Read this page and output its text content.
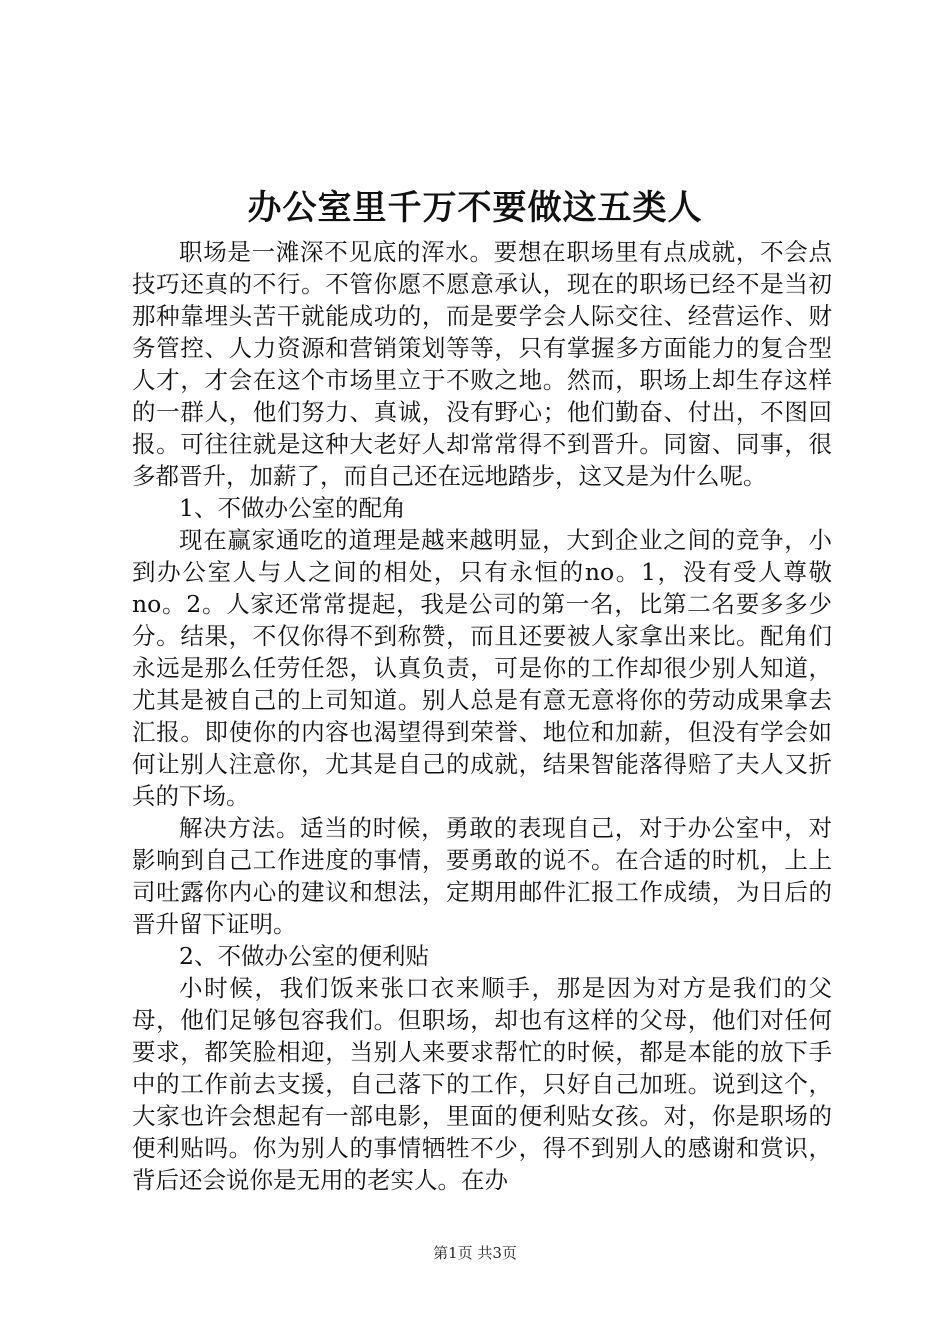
办公室里千万不要做这五类人

职场是一滩深不见底的浑水。要想在职场里有点成就，不会点技巧还真的不行。不管你愿不愿意承认，现在的职场已经不是当初那种靠埋头苦干就能成功的，而是要学会人际交往、经营运作、财务管控、人力资源和营销策划等等，只有掌握多方面能力的复合型人才，才会在这个市场里立于不败之地。然而，职场上却生存这样的一群人，他们努力、真诚，没有野心；他们勤奋、付出，不图回报。可往往就是这种大老好人却常常得不到晋升。同窗、同事，很多都晋升，加薪了，而自己还在远地踏步，这又是为什么呢。

1、不做办公室的配角

现在赢家通吃的道理是越来越明显，大到企业之间的竞争，小到办公室人与人之间的相处，只有永恒的no。1，没有受人尊敬no。2。人家还常常提起，我是公司的第一名，比第二名要多多少分。结果，不仅你得不到称赞，而且还要被人家拿出来比。配角们永远是那么任劳任怨，认真负责，可是你的工作却很少别人知道，尤其是被自己的上司知道。别人总是有意无意将你的劳动成果拿去汇报。即使你的内容也渴望得到荣誉、地位和加薪，但没有学会如何让别人注意你，尤其是自己的成就，结果智能落得赔了夫人又折兵的下场。

解决方法。适当的时候，勇敢的表现自己，对于办公室中，对影响到自己工作进度的事情，要勇敢的说不。在合适的时机，上上司吐露你内心的建议和想法，定期用邮件汇报工作成绩，为日后的晋升留下证明。

2、不做办公室的便利贴

小时候，我们饭来张口衣来顺手，那是因为对方是我们的父母，他们足够包容我们。但职场，却也有这样的父母，他们对任何要求，都笑脸相迎，当别人来要求帮忙的时候，都是本能的放下手中的工作前去支援，自己落下的工作，只好自己加班。说到这个，大家也许会想起有一部电影，里面的便利贴女孩。对，你是职场的便利贴吗。你为别人的事情牺牲不少，得不到别人的感谢和赏识，背后还会说你是无用的老实人。在办

第1页 共3页
